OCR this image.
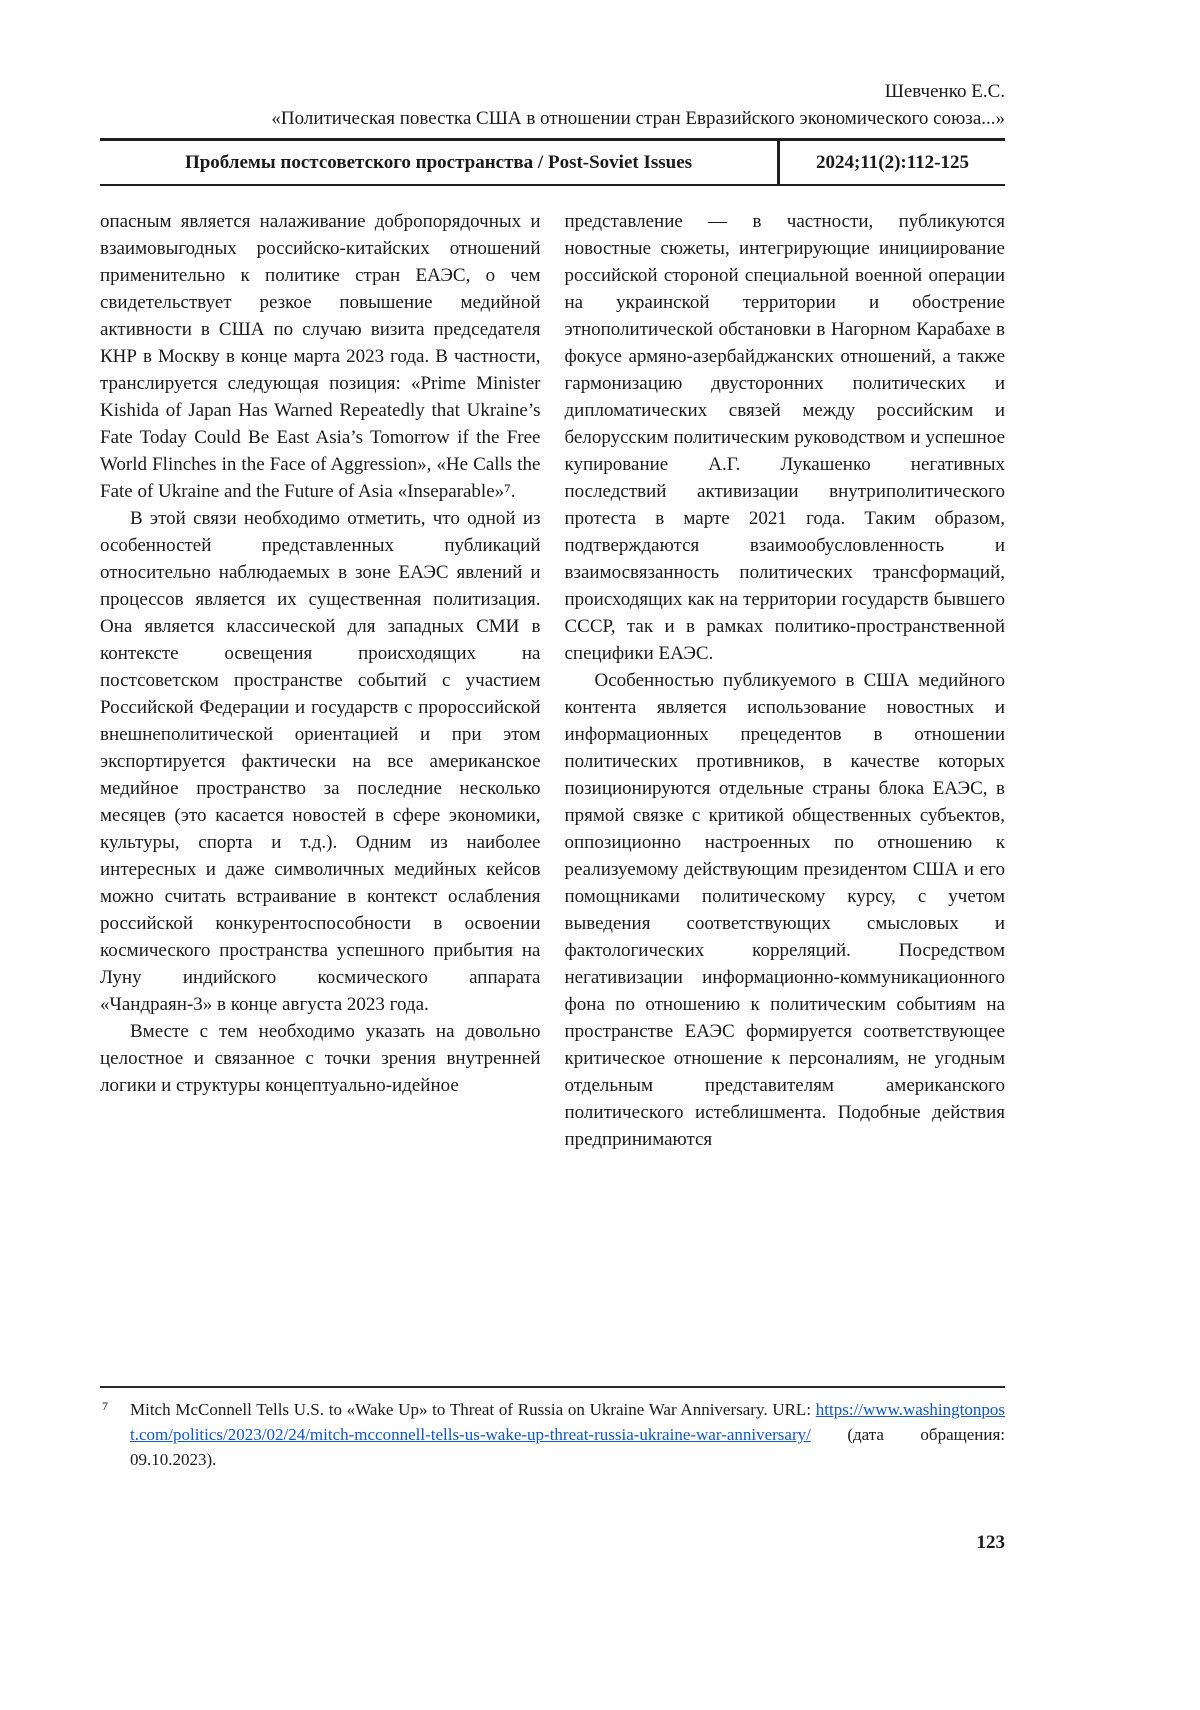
Шевченко Е.С.
«Политическая повестка США в отношении стран Евразийского экономического союза...»
Проблемы постсоветского пространства / Post-Soviet Issues	2024;11(2):112-125

опасным является налаживание добропорядочных и взаимовыгодных российско-китайских отношений применительно к политике стран ЕАЭС, о чем свидетельствует резкое повышение медийной активности в США по случаю визита председателя КНР в Москву в конце марта 2023 года. В частности, транслируется следующая позиция: «Prime Minister Kishida of Japan Has Warned Repeatedly that Ukraine’s Fate Today Could Be East Asia’s Tomorrow if the Free World Flinches in the Face of Aggression», «He Calls the Fate of Ukraine and the Future of Asia «Inseparable»⁷.

В этой связи необходимо отметить, что одной из особенностей представленных публикаций относительно наблюдаемых в зоне ЕАЭС явлений и процессов является их существенная политизация. Она является классической для западных СМИ в контексте освещения происходящих на постсоветском пространстве событий с участием Российской Федерации и государств с пророссийской внешнеполитической ориентацией и при этом экспортируется фактически на все американское медийное пространство за последние несколько месяцев (это касается новостей в сфере экономики, культуры, спорта и т.д.). Одним из наиболее интересных и даже символичных медийных кейсов можно считать встраивание в контекст ослабления российской конкурентоспособности в освоении космического пространства успешного прибытия на Луну индийского космического аппарата «Чандраян-3» в конце августа 2023 года.

Вместе с тем необходимо указать на довольно целостное и связанное с точки зрения внутренней логики и структуры концептуально-идейное

представление — в частности, публикуются новостные сюжеты, интегрирующие инициирование российской стороной специальной военной операции на украинской территории и обострение этнополитической обстановки в Нагорном Карабахе в фокусе армяно-азербайджанских отношений, а также гармонизацию двусторонних политических и дипломатических связей между российским и белорусским политическим руководством и успешное купирование А.Г. Лукашенко негативных последствий активизации внутриполитического протеста в марте 2021 года. Таким образом, подтверждаются взаимообусловленность и взаимосвязанность политических трансформаций, происходящих как на территории государств бывшего СССР, так и в рамках политико-пространственной специфики ЕАЭС.

Особенностью публикуемого в США медийного контента является использование новостных и информационных прецедентов в отношении политических противников, в качестве которых позиционируются отдельные страны блока ЕАЭС, в прямой связке с критикой общественных субъектов, оппозиционно настроенных по отношению к реализуемому действующим президентом США и его помощниками политическому курсу, с учетом выведения соответствующих смысловых и фактологических корреляций. Посредством негативизации информационно-коммуникационного фона по отношению к политическим событиям на пространстве ЕАЭС формируется соответствующее критическое отношение к персоналиям, не угодным отдельным представителям американского политического истеблишмента. Подобные действия предпринимаются

7 Mitch McConnell Tells U.S. to «Wake Up» to Threat of Russia on Ukraine War Anniversary. URL: https://www.washingtonpost.com/politics/2023/02/24/mitch-mcconnell-tells-us-wake-up-threat-russia-ukraine-war-anniversary/ (дата обращения: 09.10.2023).
123
